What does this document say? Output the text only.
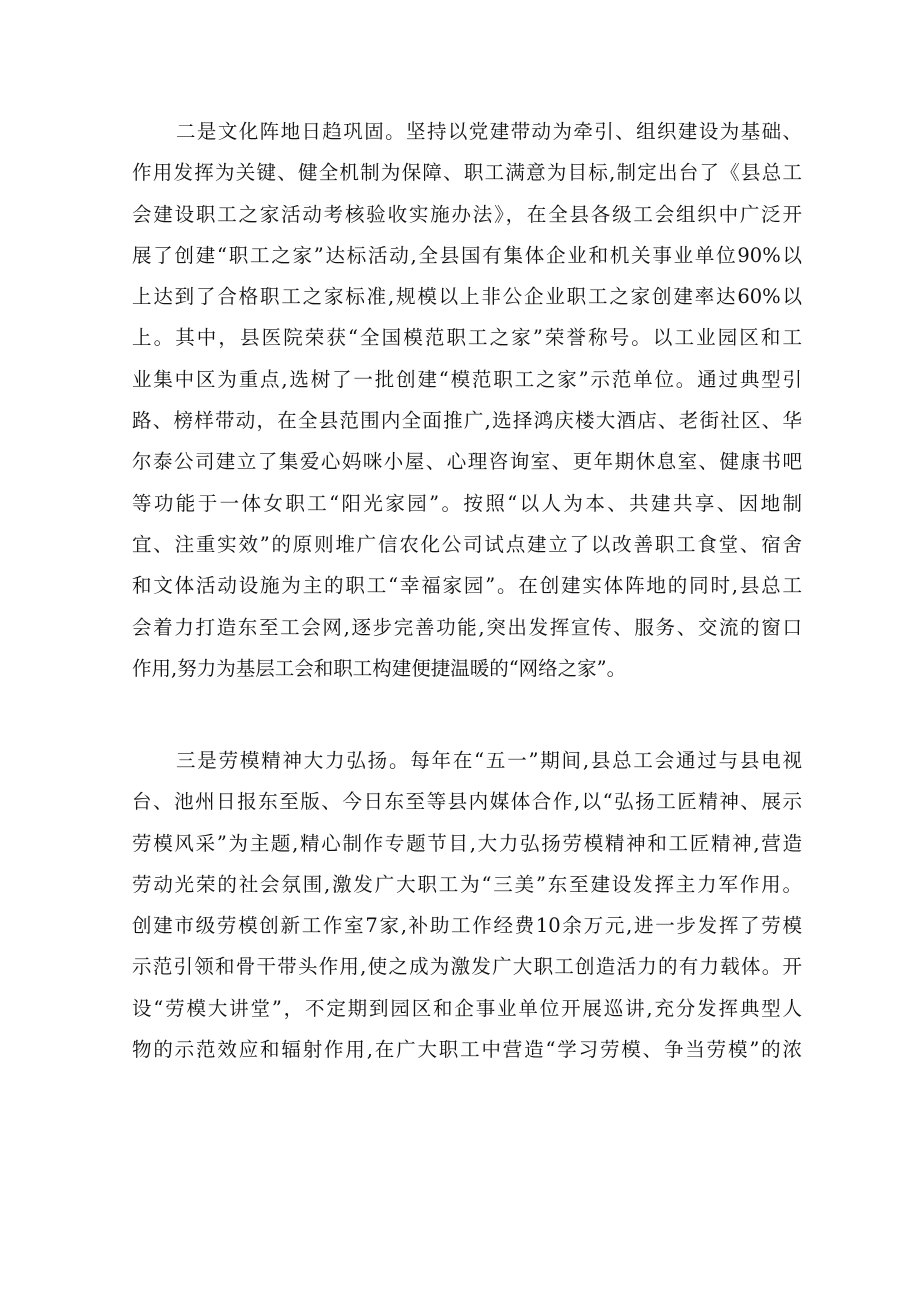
二是文化阵地日趋巩固。坚持以党建带动为牵引、组织建设为基础、
作用发挥为关键、健全机制为保障、职工满意为目标,制定出台了《县总工
会建设职工之家活动考核验收实施办法》，在全县各级工会组织中广泛开
展了创建“职工之家”达标活动,全县国有集体企业和机关事业单位90%以
上达到了合格职工之家标准,规模以上非公企业职工之家创建率达60%以
上。其中，县医院荣获“全国模范职工之家”荣誉称号。以工业园区和工
业集中区为重点,选树了一批创建“模范职工之家”示范单位。通过典型引
路、榜样带动，在全县范围内全面推广,选择鸿庆楼大酒店、老街社区、华
尔泰公司建立了集爱心妈咪小屋、心理咨询室、更年期休息室、健康书吧
等功能于一体女职工“阳光家园”。按照“以人为本、共建共享、因地制
宜、注重实效”的原则堆广信农化公司试点建立了以改善职工食堂、宿舍
和文体活动设施为主的职工“幸福家园”。在创建实体阵地的同时,县总工
会着力打造东至工会网,逐步完善功能,突出发挥宣传、服务、交流的窗口
作用,努力为基层工会和职工构建便捷温暖的“网络之家”。
三是劳模精神大力弘扬。每年在“五一”期间,县总工会通过与县电视
台、池州日报东至版、今日东至等县内媒体合作,以“弘扬工匠精神、展示
劳模风采”为主题,精心制作专题节目,大力弘扬劳模精神和工匠精神,营造
劳动光荣的社会氛围,激发广大职工为“三美”东至建设发挥主力军作用。
创建市级劳模创新工作室7家,补助工作经费10余万元,进一步发挥了劳模
示范引领和骨干带头作用,使之成为激发广大职工创造活力的有力载体。开
设“劳模大讲堂”，不定期到园区和企事业单位开展巡讲,充分发挥典型人
物的示范效应和辐射作用,在广大职工中营造“学习劳模、争当劳模”的浓
